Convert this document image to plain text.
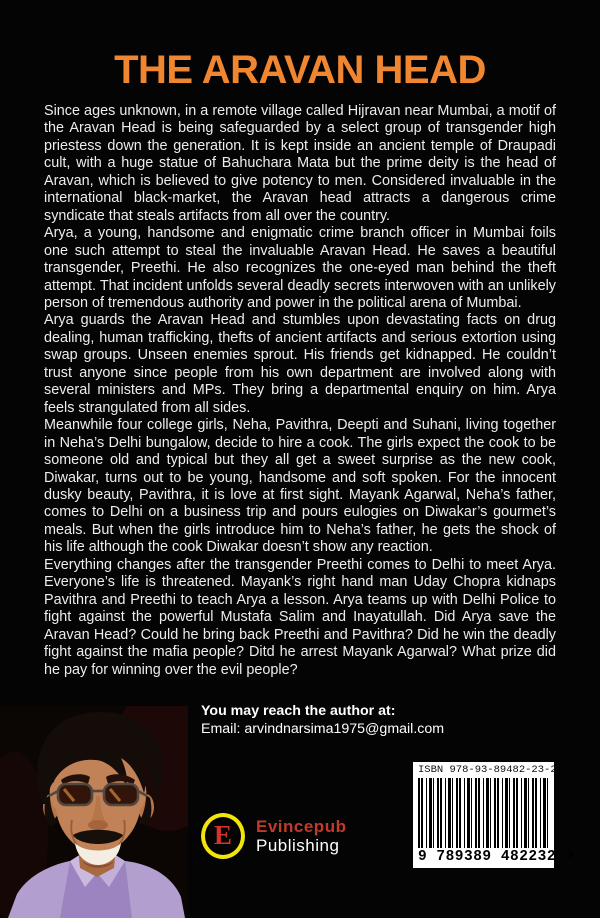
THE ARAVAN HEAD

Since ages unknown, in a remote village called Hijravan near Mumbai, a motif of the Aravan Head is being safeguarded by a select group of transgender high priestess down the generation. It is kept inside an ancient temple of Draupadi cult, with a huge statue of Bahuchara Mata but the prime deity is the head of Aravan, which is believed to give potency to men. Considered invaluable in the international black-market, the Aravan head attracts a dangerous crime syndicate that steals artifacts from all over the country.

Arya, a young, handsome and enigmatic crime branch officer in Mumbai foils one such attempt to steal the invaluable Aravan Head. He saves a beautiful transgender, Preethi. He also recognizes the one-eyed man behind the theft attempt. That incident unfolds several deadly secrets interwoven with an unlikely person of tremendous authority and power in the political arena of Mumbai.

Arya guards the Aravan Head and stumbles upon devastating facts on drug dealing, human trafficking, thefts of ancient artifacts and serious extortion using swap groups. Unseen enemies sprout. His friends get kidnapped. He couldn’t trust anyone since people from his own department are involved along with several ministers and MPs. They bring a departmental enquiry on him. Arya feels strangulated from all sides.

Meanwhile four college girls, Neha, Pavithra, Deepti and Suhani, living together in Neha’s Delhi bungalow, decide to hire a cook. The girls expect the cook to be someone old and typical but they all get a sweet surprise as the new cook, Diwakar, turns out to be young, handsome and soft spoken. For the innocent dusky beauty, Pavithra, it is love at first sight. Mayank Agarwal, Neha’s father, comes to Delhi on a business trip and pours eulogies on Diwakar’s gourmet’s meals. But when the girls introduce him to Neha’s father, he gets the shock of his life although the cook Diwakar doesn’t show any reaction.

Everything changes after the transgender Preethi comes to Delhi to meet Arya. Everyone’s life is threatened. Mayank’s right hand man Uday Chopra kidnaps Pavithra and Preethi to teach Arya a lesson. Arya teams up with Delhi Police to fight against the powerful Mustafa Salim and Inayatullah. Did Arya save the Aravan Head? Could he bring back Preethi and Pavithra? Did he win the deadly fight against the mafia people? Ditd he arrest Mayank Agarwal? What prize did he pay for winning over the evil people?

You may reach the author at:
Email: arvindnarsima1975@gmail.com
E	Evincepub
Publishing
ISBN 978-93-89482-23-2
9 789389 482232 >
